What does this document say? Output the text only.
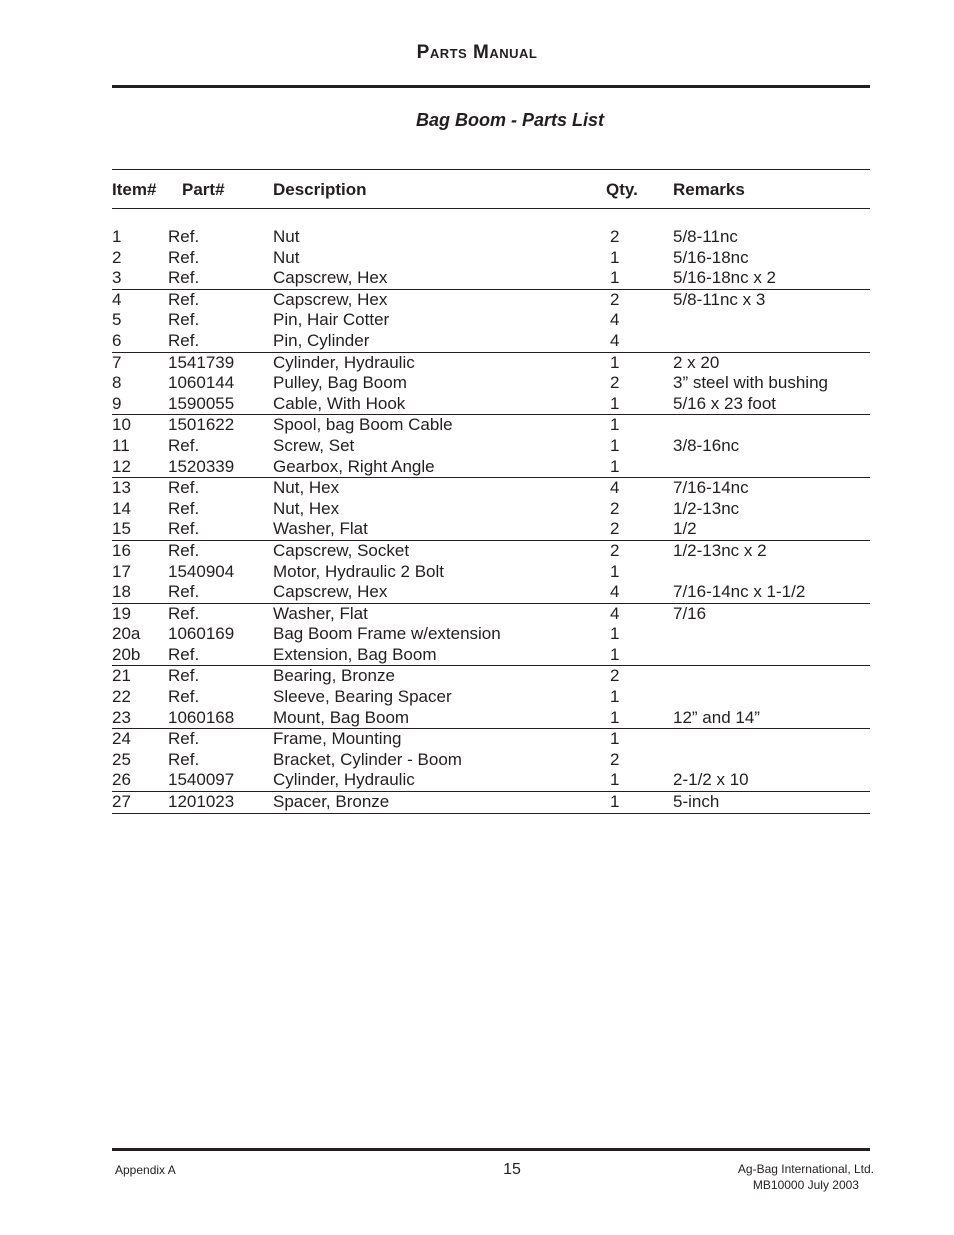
Parts Manual
Bag Boom - Parts List
Item# Part#	Description	Qty. Remarks
1	Ref.	Nut	2	5/8-11nc
2	Ref.	Nut	1	5/16-18nc
3	Ref.	Capscrew, Hex	1	5/16-18nc x 2
4	Ref.	Capscrew, Hex	2	5/8-11nc x 3
5	Ref.	Pin, Hair Cotter	4
6	Ref.	Pin, Cylinder	4
7	1541739 Cylinder, Hydraulic	1	2 x 20
8	1060144 Pulley, Bag Boom	2	3” steel with bushing
9	1590055 Cable, With Hook	1	5/16 x 23 foot
10 1501622 Spool, bag Boom Cable	1
11 Ref.	Screw, Set	1	3/8-16nc
12 1520339 Gearbox, Right Angle	1
13 Ref.	Nut, Hex	4	7/16-14nc
14 Ref.	Nut, Hex	2	1/2-13nc
15 Ref.	Washer, Flat	2	1/2
16 Ref.	Capscrew, Socket	2	1/2-13nc x 2
17 1540904 Motor, Hydraulic 2 Bolt	1
18 Ref.	Capscrew, Hex	4	7/16-14nc x 1-1/2
19 Ref.	Washer, Flat	4	7/16
20a 1060169 Bag Boom Frame w/extension	1
20b Ref.	Extension, Bag Boom	1
21 Ref.	Bearing, Bronze	2
22 Ref.	Sleeve, Bearing Spacer	1
23 1060168 Mount, Bag Boom	1	12” and 14”
24 Ref.	Frame, Mounting	1
25 Ref.	Bracket, Cylinder - Boom	2
26 1540097 Cylinder, Hydraulic	1	2-1/2 x 10
27 1201023 Spacer, Bronze	1	5-inch
Appendix A	15	Ag-Bag International, Ltd.
MB10000 July 2003
